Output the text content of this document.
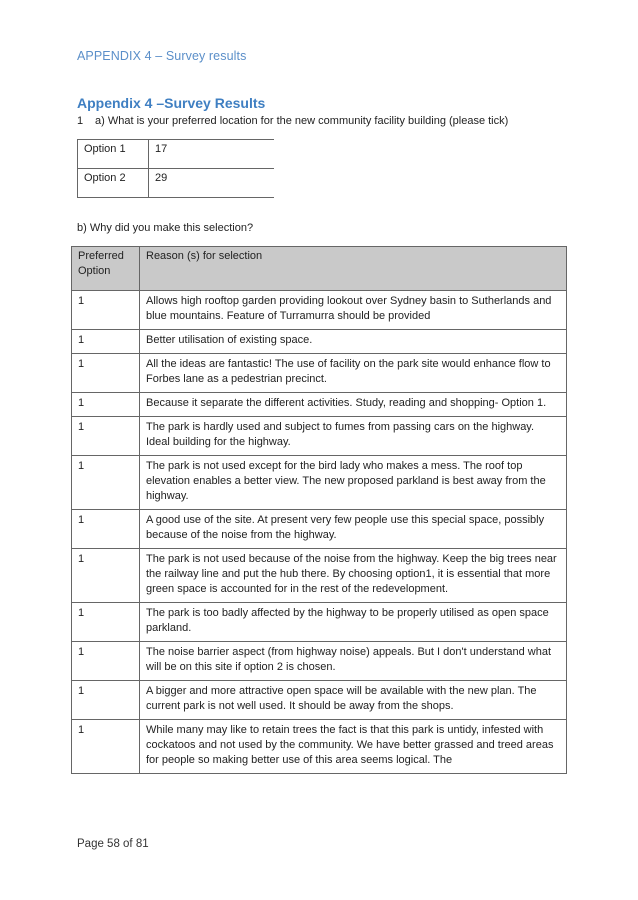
APPENDIX 4 – Survey results
Appendix 4 –Survey Results
1 a) What is your preferred location for the new community facility building (please tick)
Option 1	17
Option 2	29
b) Why did you make this selection?
Preferred Option	Reason (s) for selection
1	Allows high rooftop garden providing lookout over Sydney basin to Sutherlands and blue mountains. Feature of Turramurra should be provided
1	Better utilisation of existing space.
1	All the ideas are fantastic! The use of facility on the park site would enhance flow to Forbes lane as a pedestrian precinct.
1	Because it separate the different activities. Study, reading and shopping- Option 1.
1	The park is hardly used and subject to fumes from passing cars on the highway. Ideal building for the highway.
1	The park is not used except for the bird lady who makes a mess. The roof top elevation enables a better view. The new proposed parkland is best away from the highway.
1	A good use of the site. At present very few people use this special space, possibly because of the noise from the highway.
1	The park is not used because of the noise from the highway. Keep the big trees near the railway line and put the hub there. By choosing option1, it is essential that more green space is accounted for in the rest of the redevelopment.
1	The park is too badly affected by the highway to be properly utilised as open space parkland.
1	The noise barrier aspect (from highway noise) appeals. But I don't understand what will be on this site if option 2 is chosen.
1	A bigger and more attractive open space will be available with the new plan. The current park is not well used. It should be away from the shops.
1	While many may like to retain trees the fact is that this park is untidy, infested with cockatoos and not used by the community. We have better grassed and treed areas for people so making better use of this area seems logical. The
Page 58 of 81
